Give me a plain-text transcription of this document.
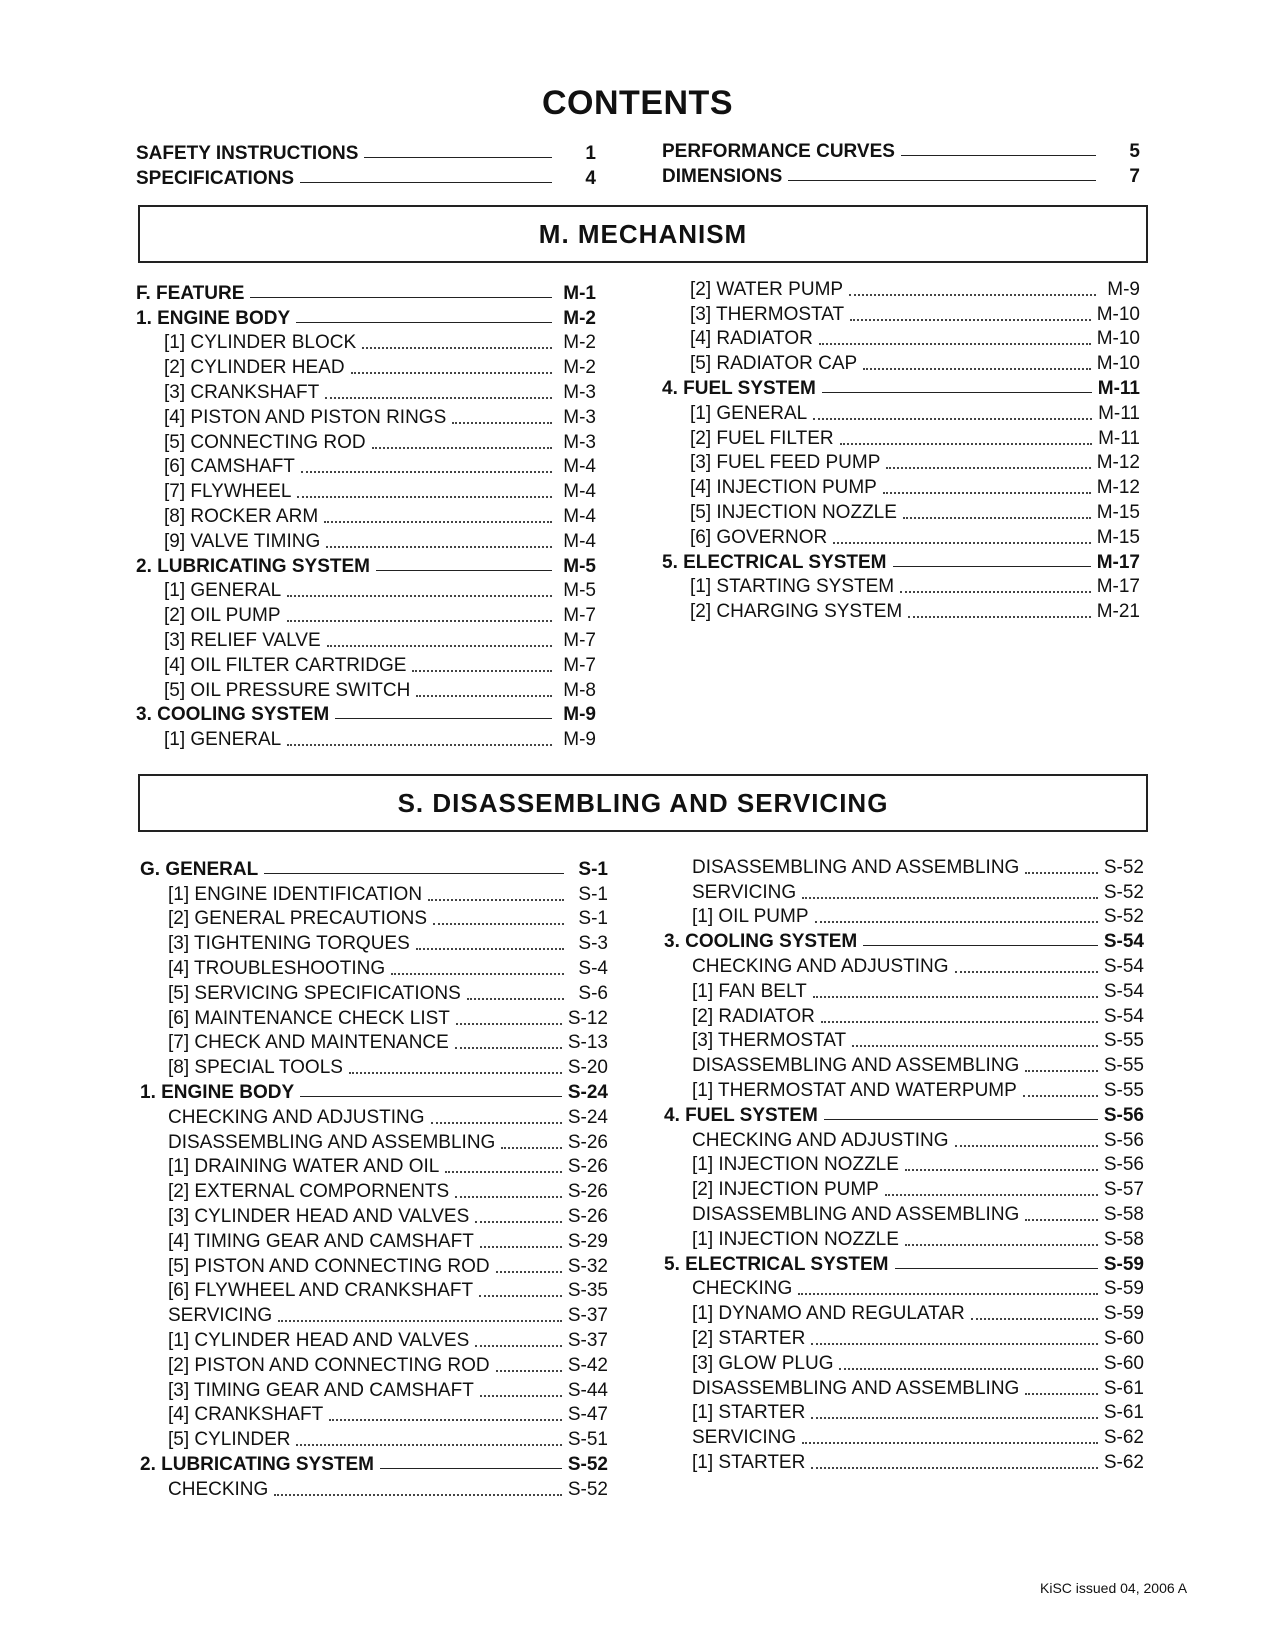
CONTENTS
SAFETY INSTRUCTIONS	1
SPECIFICATIONS	4
PERFORMANCE CURVES	5
DIMENSIONS	7
M. MECHANISM
F. FEATURE	M-1
1. ENGINE BODY	M-2
[1] CYLINDER BLOCK	M-2
[2] CYLINDER HEAD	M-2
[3] CRANKSHAFT	M-3
[4] PISTON AND PISTON RINGS	M-3
[5] CONNECTING ROD	M-3
[6] CAMSHAFT	M-4
[7] FLYWHEEL	M-4
[8] ROCKER ARM	M-4
[9] VALVE TIMING	M-4
2. LUBRICATING SYSTEM	M-5
[1] GENERAL	M-5
[2] OIL PUMP	M-7
[3] RELIEF VALVE	M-7
[4] OIL FILTER CARTRIDGE	M-7
[5] OIL PRESSURE SWITCH	M-8
3. COOLING SYSTEM	M-9
[1] GENERAL	M-9
[2] WATER PUMP	M-9
[3] THERMOSTAT	M-10
[4] RADIATOR	M-10
[5] RADIATOR CAP	M-10
4. FUEL SYSTEM	M-11
[1] GENERAL	M-11
[2] FUEL FILTER	M-11
[3] FUEL FEED PUMP	M-12
[4] INJECTION PUMP	M-12
[5] INJECTION NOZZLE	M-15
[6] GOVERNOR	M-15
5. ELECTRICAL SYSTEM	M-17
[1] STARTING SYSTEM	M-17
[2] CHARGING SYSTEM	M-21
S. DISASSEMBLING AND SERVICING
G. GENERAL	S-1
[1] ENGINE IDENTIFICATION	S-1
[2] GENERAL PRECAUTIONS	S-1
[3] TIGHTENING TORQUES	S-3
[4] TROUBLESHOOTING	S-4
[5] SERVICING SPECIFICATIONS	S-6
[6] MAINTENANCE CHECK LIST	S-12
[7] CHECK AND MAINTENANCE	S-13
[8] SPECIAL TOOLS	S-20
1. ENGINE BODY	S-24
CHECKING AND ADJUSTING	S-24
DISASSEMBLING AND ASSEMBLING	S-26
[1] DRAINING WATER AND OIL	S-26
[2] EXTERNAL COMPORNENTS	S-26
[3] CYLINDER HEAD AND VALVES	S-26
[4] TIMING GEAR AND CAMSHAFT	S-29
[5] PISTON AND CONNECTING ROD	S-32
[6] FLYWHEEL AND CRANKSHAFT	S-35
SERVICING	S-37
[1] CYLINDER HEAD AND VALVES	S-37
[2] PISTON AND CONNECTING ROD	S-42
[3] TIMING GEAR AND CAMSHAFT	S-44
[4] CRANKSHAFT	S-47
[5] CYLINDER	S-51
2. LUBRICATING SYSTEM	S-52
CHECKING	S-52
DISASSEMBLING AND ASSEMBLING	S-52
SERVICING	S-52
[1] OIL PUMP	S-52
3. COOLING SYSTEM	S-54
CHECKING AND ADJUSTING	S-54
[1] FAN BELT	S-54
[2] RADIATOR	S-54
[3] THERMOSTAT	S-55
DISASSEMBLING AND ASSEMBLING	S-55
[1] THERMOSTAT AND WATERPUMP	S-55
4. FUEL SYSTEM	S-56
CHECKING AND ADJUSTING	S-56
[1] INJECTION NOZZLE	S-56
[2] INJECTION PUMP	S-57
DISASSEMBLING AND ASSEMBLING	S-58
[1] INJECTION NOZZLE	S-58
5. ELECTRICAL SYSTEM	S-59
CHECKING	S-59
[1] DYNAMO AND REGULATAR	S-59
[2] STARTER	S-60
[3] GLOW PLUG	S-60
DISASSEMBLING AND ASSEMBLING	S-61
[1] STARTER	S-61
SERVICING	S-62
[1] STARTER	S-62
KiSC issued 04, 2006 A
